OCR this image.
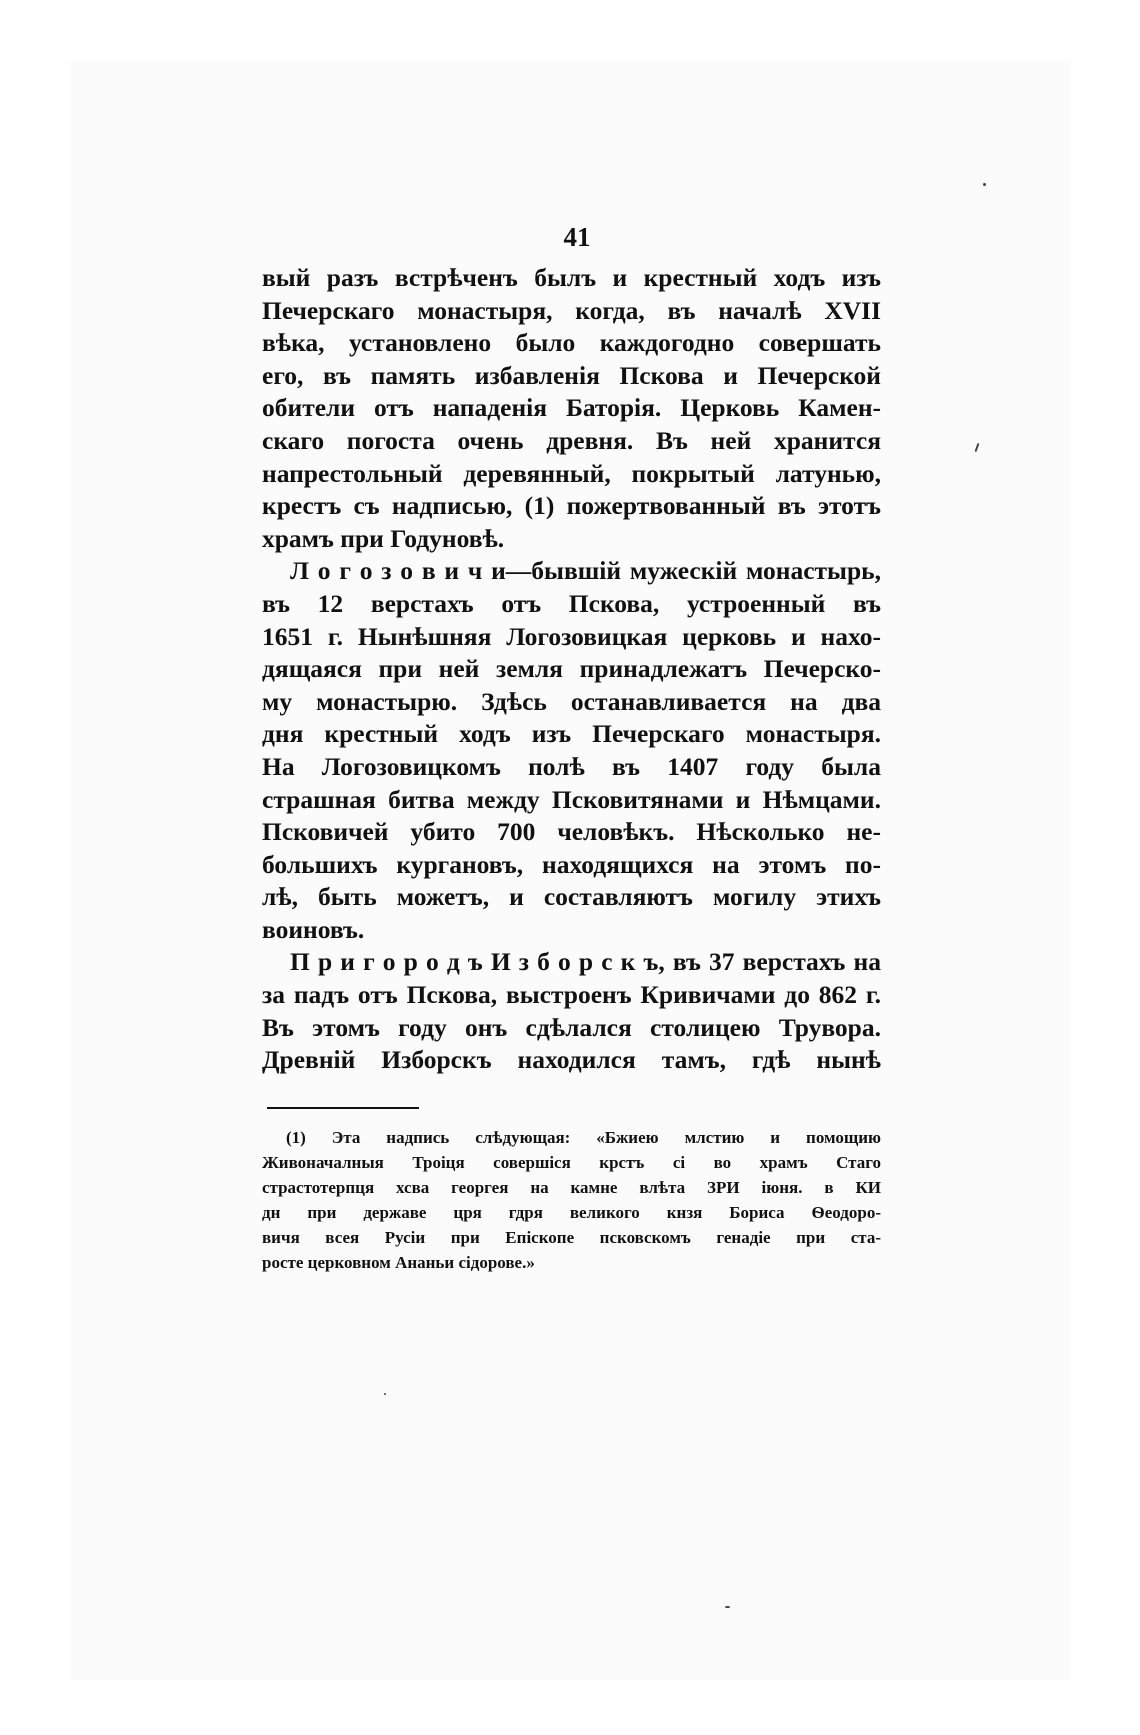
41

вый разъ встрѣченъ былъ и крестный ходъ изъ
Печерскаго монастыря, когда, въ началѣ XVII
вѣка, установлено было каждогодно совершать
его, въ память избавленія Пскова и Печерской
обители отъ нападенія Баторія. Церковь Камен-
скаго погоста очень древня. Въ ней хранится
напрестольный деревянный, покрытый латунью,
крестъ съ надписью, (1) пожертвованный въ этотъ
храмъ при Годуновѣ.

Л о г о з о в и ч и—бывшій мужескій монастырь,
въ 12 верстахъ отъ Пскова, устроенный въ
1651 г. Нынѣшняя Логозовицкая церковь и нахо-
дящаяся при ней земля принадлежатъ Печерско-
му монастырю. Здѣсь останавливается на два
дня крестный ходъ изъ Печерскаго монастыря.
На Логозовицкомъ полѣ въ 1407 году была
страшная битва между Псковитянами и Нѣмцами.
Псковичей убито 700 человѣкъ. Нѣсколько не-
большихъ кургановъ, находящихся на этомъ по-
лѣ, быть можетъ, и составляютъ могилу этихъ
воиновъ.

П р и г о р о д ъ И з б о р с к ъ, въ 37 верстахъ на
за падъ отъ Пскова, выстроенъ Кривичами до 862 г.
Въ этомъ году онъ сдѣлался столицею Трувора.
Древній Изборскъ находился тамъ, гдѣ нынѣ

(1) Эта надпись слѣдующая: «Бжиею млстию и помощию
Живоначалныя Троіця совершіся крстъ сі во храмъ Стаго
страстотерпця хсва георгея на камне влѣта ЗРИ іюня. в КИ
дн при державе цря гдря великого кнзя Бориса Ѳеодоро-
вичя всея Русіи при Епіскопе псковскомъ генадіе при ста-
росте церковном Ананьи сідорове.»
